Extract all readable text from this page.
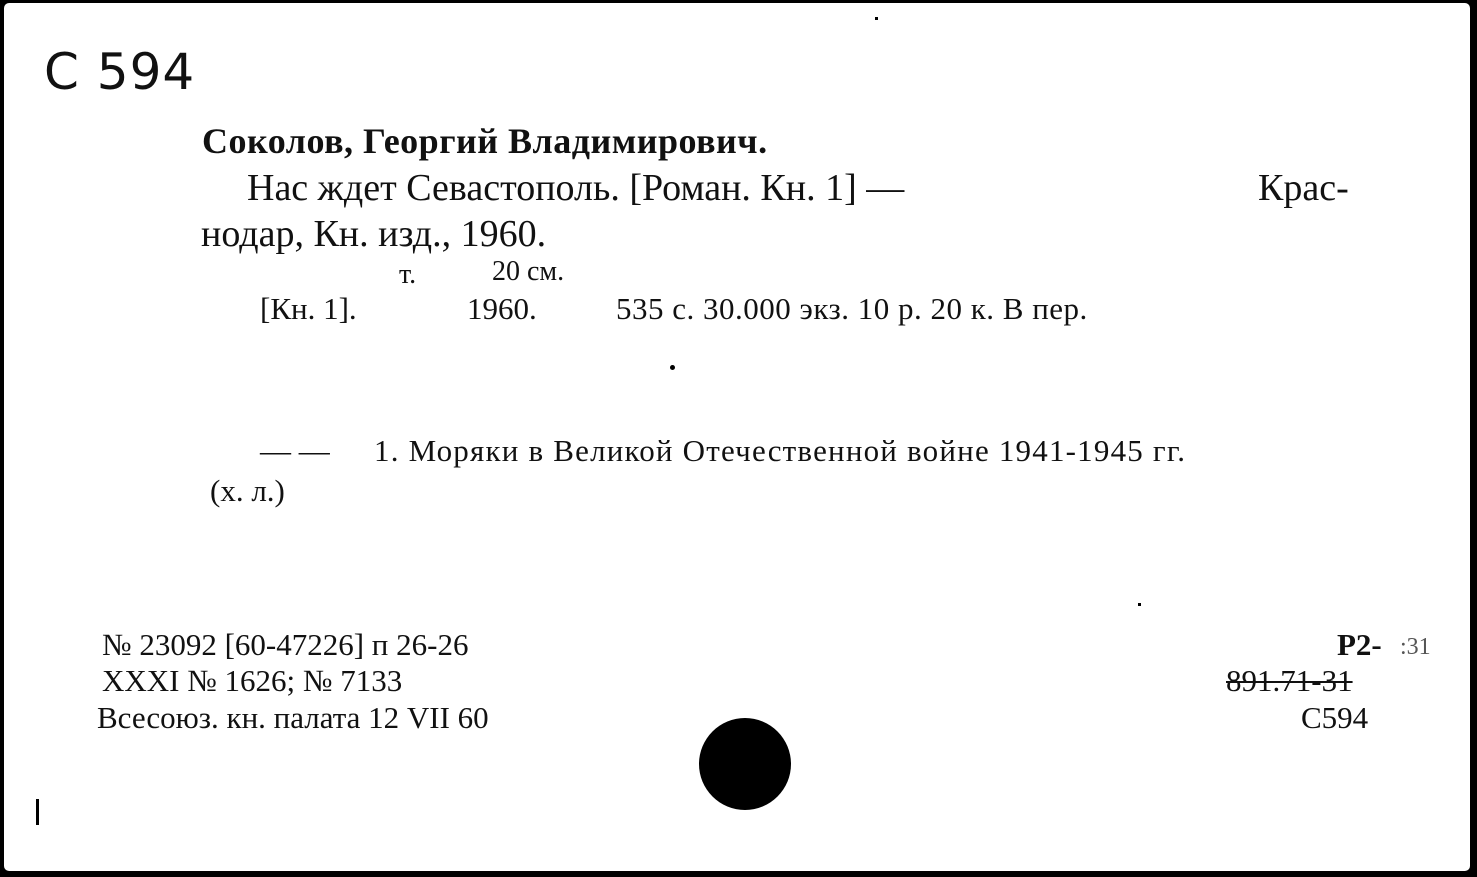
C 594
Соколов, Георгий Владимирович.
Нас ждет Севастополь. [Роман. Кн. 1] —	Крас-
нодар, Кн. изд., 1960.
т.	20 см.
[Кн. 1].	1960.	535 с. 30.000 экз. 10 р. 20 к. В пер.
— — 1. Моряки в Великой Отечественной войне 1941-1945 гг.
(х. л.)
№ 23092 [60-47226] п 26-26
XXXI № 1626; № 7133
Всесоюз. кн. палата 12 VII 60
Р2- :31
891.71-31
С594
